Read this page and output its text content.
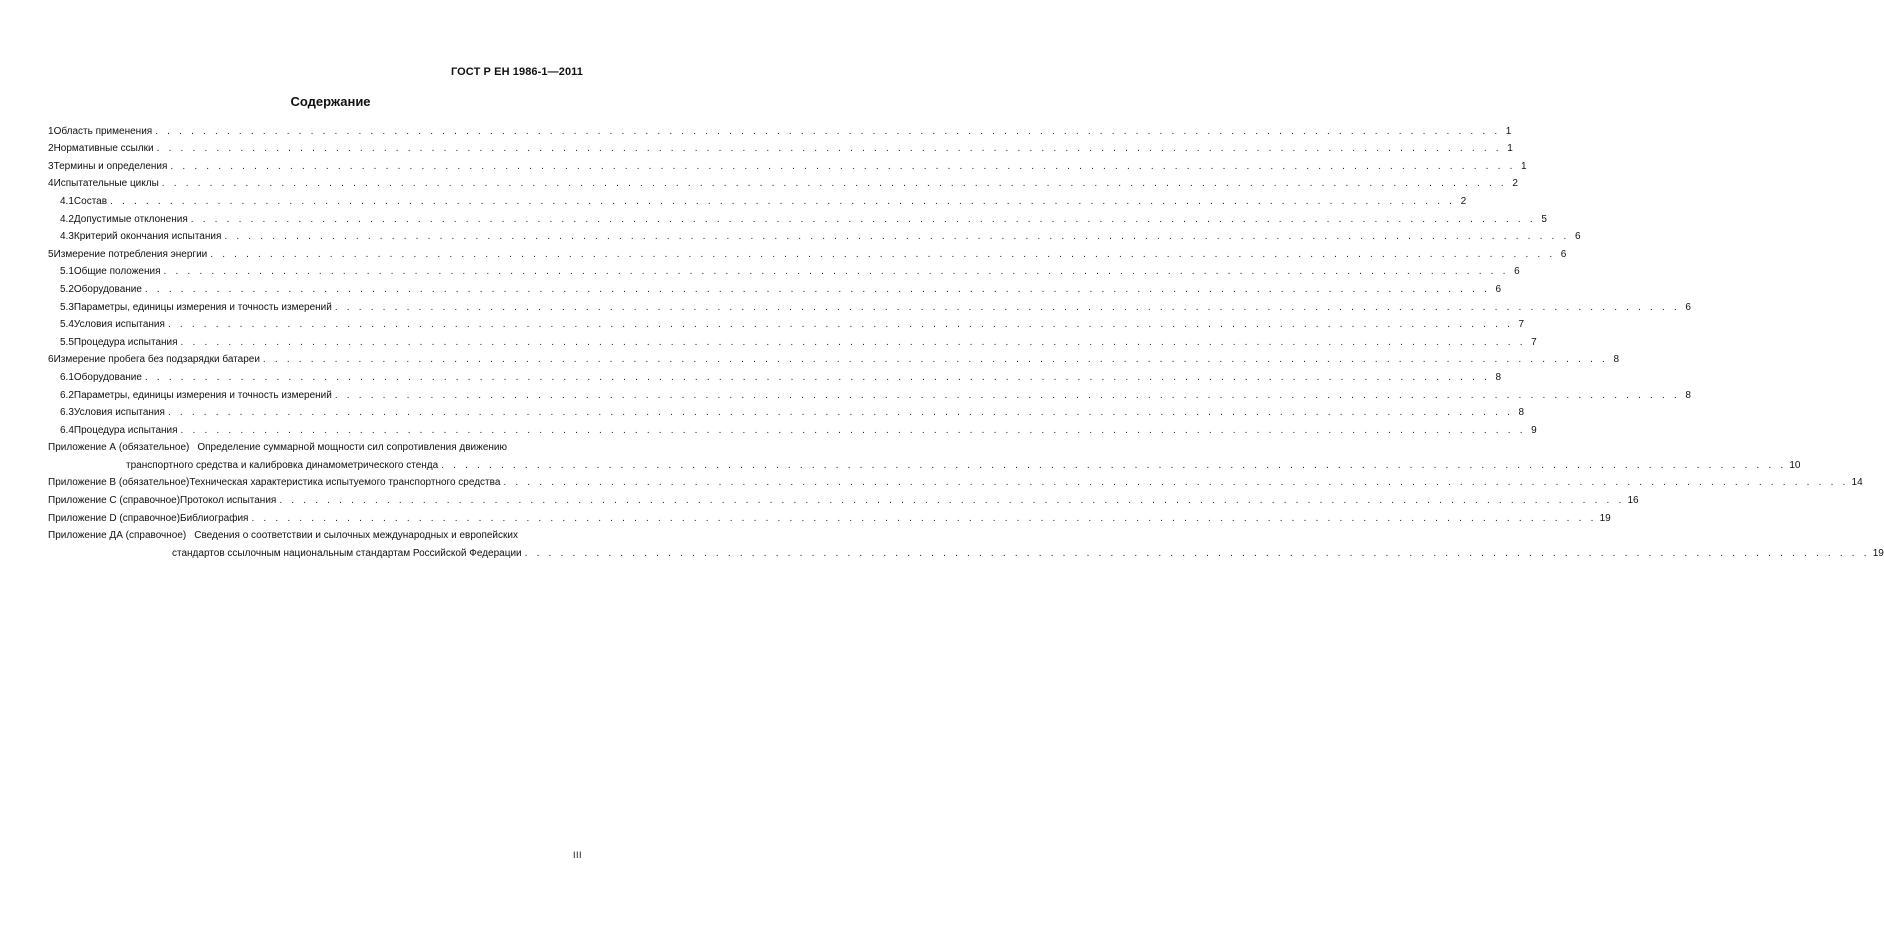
ГОСТ Р ЕН 1986-1—2011
Содержание
1 Область применения . . . . . . . . . . . . . . . . . . . . . . . . . . . . . . . . . . . . . . . . . . . . . . . . . . . . . . . . . . . . . . . . . . . . . . . . . . . . . . . . . . . . . . . . . . . . . . . . . . . . . . . . . . . . . . . . . 1
2 Нормативные ссылки . . . . . . . . . . . . . . . . . . . . . . . . . . . . . . . . . . . . . . . . . . . . . . . . . . . . . . . . . . . . . . . . . . . . . . . . . . . . . . . . . . . . . . . . . . . . . . . . . . . . . . . . . . . . . . . . . 1
3 Термины и определения . . . . . . . . . . . . . . . . . . . . . . . . . . . . . . . . . . . . . . . . . . . . . . . . . . . . . . . . . . . . . . . . . . . . . . . . . . . . . . . . . . . . . . . . . . . . . . . . . . . . . . . . . . . . . . . . . 1
4 Испытательные циклы . . . . . . . . . . . . . . . . . . . . . . . . . . . . . . . . . . . . . . . . . . . . . . . . . . . . . . . . . . . . . . . . . . . . . . . . . . . . . . . . . . . . . . . . . . . . . . . . . . . . . . . . . . . . . . . . . 2
4.1 Состав . . . . . . . . . . . . . . . . . . . . . . . . . . . . . . . . . . . . . . . . . . . . . . . . . . . . . . . . . . . . . . . . . . . . . . . . . . . . . . . . . . . . . . . . . . . . . . . . . . . . . . . . . . . . . . . . . 2
4.2 Допустимые отклонения . . . . . . . . . . . . . . . . . . . . . . . . . . . . . . . . . . . . . . . . . . . . . . . . . . . . . . . . . . . . . . . . . . . . . . . . . . . . . . . . . . . . . . . . . . . . . . . . . . . . . . . . . . . . . . . . . 5
4.3 Критерий окончания испытания . . . . . . . . . . . . . . . . . . . . . . . . . . . . . . . . . . . . . . . . . . . . . . . . . . . . . . . . . . . . . . . . . . . . . . . . . . . . . . . . . . . . . . . . . . . . . . . . . . . . . . . . . . . . . . . . . 6
5 Измерение потребления энергии . . . . . . . . . . . . . . . . . . . . . . . . . . . . . . . . . . . . . . . . . . . . . . . . . . . . . . . . . . . . . . . . . . . . . . . . . . . . . . . . . . . . . . . . . . . . . . . . . . . . . . . . . . . . . . . . . 6
5.1 Общие положения . . . . . . . . . . . . . . . . . . . . . . . . . . . . . . . . . . . . . . . . . . . . . . . . . . . . . . . . . . . . . . . . . . . . . . . . . . . . . . . . . . . . . . . . . . . . . . . . . . . . . . . . . . . . . . . . . 6
5.2 Оборудование . . . . . . . . . . . . . . . . . . . . . . . . . . . . . . . . . . . . . . . . . . . . . . . . . . . . . . . . . . . . . . . . . . . . . . . . . . . . . . . . . . . . . . . . . . . . . . . . . . . . . . . . . . . . . . . . . 6
5.3 Параметры, единицы измерения и точность измерений . . . . . . . . . . . . . . . . . . . . . . . . . . . . . . . . . . . . . . . . . . . . . . . . . . . . . . . . . . . . . . . . . . . . . . . . . . . . . . . . . . . . . . . . . . . . . . . . . . . . . . . . . . . . . . . . . 6
5.4 Условия испытания . . . . . . . . . . . . . . . . . . . . . . . . . . . . . . . . . . . . . . . . . . . . . . . . . . . . . . . . . . . . . . . . . . . . . . . . . . . . . . . . . . . . . . . . . . . . . . . . . . . . . . . . . . . . . . . . . 7
5.5 Процедура испытания . . . . . . . . . . . . . . . . . . . . . . . . . . . . . . . . . . . . . . . . . . . . . . . . . . . . . . . . . . . . . . . . . . . . . . . . . . . . . . . . . . . . . . . . . . . . . . . . . . . . . . . . . . . . . . . . . 7
6 Измерение пробега без подзарядки батареи . . . . . . . . . . . . . . . . . . . . . . . . . . . . . . . . . . . . . . . . . . . . . . . . . . . . . . . . . . . . . . . . . . . . . . . . . . . . . . . . . . . . . . . . . . . . . . . . . . . . . . . . . . . . . . . . . 8
6.1 Оборудование . . . . . . . . . . . . . . . . . . . . . . . . . . . . . . . . . . . . . . . . . . . . . . . . . . . . . . . . . . . . . . . . . . . . . . . . . . . . . . . . . . . . . . . . . . . . . . . . . . . . . . . . . . . . . . . . . 8
6.2 Параметры, единицы измерения и точность измерений . . . . . . . . . . . . . . . . . . . . . . . . . . . . . . . . . . . . . . . . . . . . . . . . . . . . . . . . . . . . . . . . . . . . . . . . . . . . . . . . . . . . . . . . . . . . . . . . . . . . . . . . . . . . . . . . . 8
6.3 Условия испытания . . . . . . . . . . . . . . . . . . . . . . . . . . . . . . . . . . . . . . . . . . . . . . . . . . . . . . . . . . . . . . . . . . . . . . . . . . . . . . . . . . . . . . . . . . . . . . . . . . . . . . . . . . . . . . . . . 8
6.4 Процедура испытания . . . . . . . . . . . . . . . . . . . . . . . . . . . . . . . . . . . . . . . . . . . . . . . . . . . . . . . . . . . . . . . . . . . . . . . . . . . . . . . . . . . . . . . . . . . . . . . . . . . . . . . . . . . . . . . . . 9
Приложение А (обязательное) Определение суммарной мощности сил сопротивления движению
транспортного средства и калибровка динамометрического стенда . . . . . . . . . . . . . . . . . . . . . . . . . . . . . . . . . . . . . . . . . . . . . . . . . . . . . . . . . . . . . . . . . . . . . . . . . . . . . . . . . . . . . . . . . . . . . . . . . . . . . . . . . . . . . . . . . 10
Приложение В (обязательное) Техническая характеристика испытуемого транспортного средства . . . . . . . . . . . . . . . . . . . . . . . . . . . . . . . . . . . . . . . . . . . . . . . . . . . . . . . . . . . . . . . . . . . . . . . . . . . . . . . . . . . . . . . . . . . . . . . . . . . . . . . . . . . . . . . . . 14
Приложение С (справочное) Протокол испытания . . . . . . . . . . . . . . . . . . . . . . . . . . . . . . . . . . . . . . . . . . . . . . . . . . . . . . . . . . . . . . . . . . . . . . . . . . . . . . . . . . . . . . . . . . . . . . . . . . . . . . . . . . . . . . . . . 16
Приложение D (справочное) Библиография . . . . . . . . . . . . . . . . . . . . . . . . . . . . . . . . . . . . . . . . . . . . . . . . . . . . . . . . . . . . . . . . . . . . . . . . . . . . . . . . . . . . . . . . . . . . . . . . . . . . . . . . . . . . . . . . . 19
Приложение ДА (справочное) Сведения о соответствии и сылочных международных и европейских
стандартов ссылочным национальным стандартам Российской Федерации . . . . . . . . . . . . . . . . . . . . . . . . . . . . . . . . . . . . . . . . . . . . . . . . . . . . . . . . . . . . . . . . . . . . . . . . . . . . . . . . . . . . . . . . . . . . . . . . . . . . . . . . . . . . . . . . . 19
III
